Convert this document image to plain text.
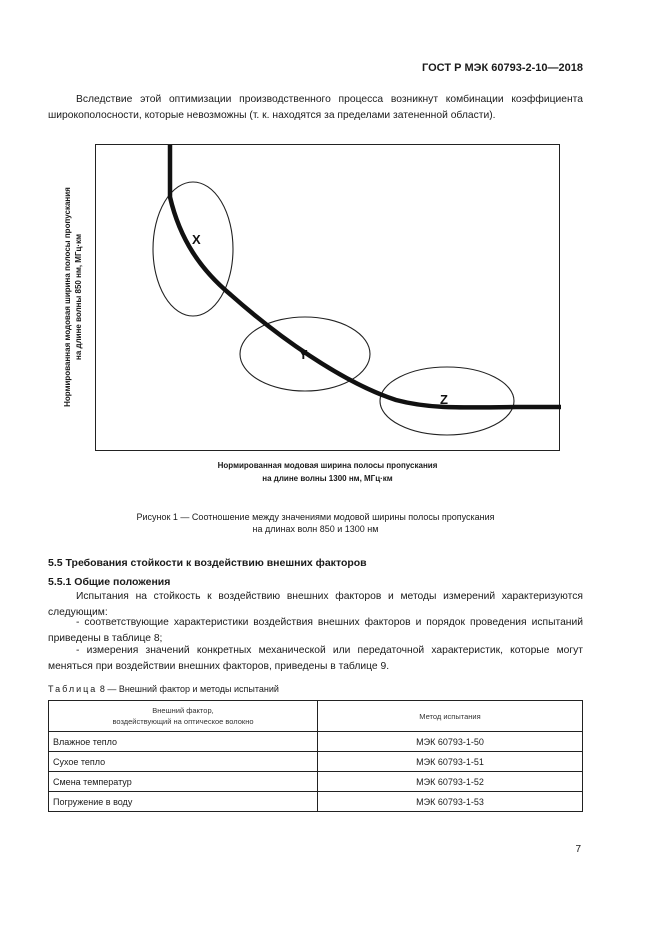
ГОСТ Р МЭК 60793-2-10—2018
Вследствие этой оптимизации производственного процесса возникнут комбинации коэффициента широкополосности, которые невозможны (т. к. находятся за пределами затененной области).
X
Y
Z
Нормированная модовая ширина полосы пропускания на длине волны 850 нм, МГц·км
Нормированная модовая ширина полосы пропускания
на длине волны 1300 нм, МГц·км
Рисунок 1 — Соотношение между значениями модовой ширины полосы пропускания
на длинах волн 850 и 1300 нм
5.5 Требования стойкости к воздействию внешних факторов
5.5.1 Общие положения
Испытания на стойкость к воздействию внешних факторов и методы измерений характеризуются следующим:
- соответствующие характеристики воздействия внешних факторов и порядок проведения испытаний приведены в таблице 8;
- измерения значений конкретных механической или передаточной характеристик, которые могут меняться при воздействии внешних факторов, приведены в таблице 9.
Таблица 8 — Внешний фактор и методы испытаний
Внешний фактор,
воздействующий на оптическое волокно	Метод испытания
Влажное тепло	МЭК 60793-1-50
Сухое тепло	МЭК 60793-1-51
Смена температур	МЭК 60793-1-52
Погружение в воду	МЭК 60793-1-53
7
